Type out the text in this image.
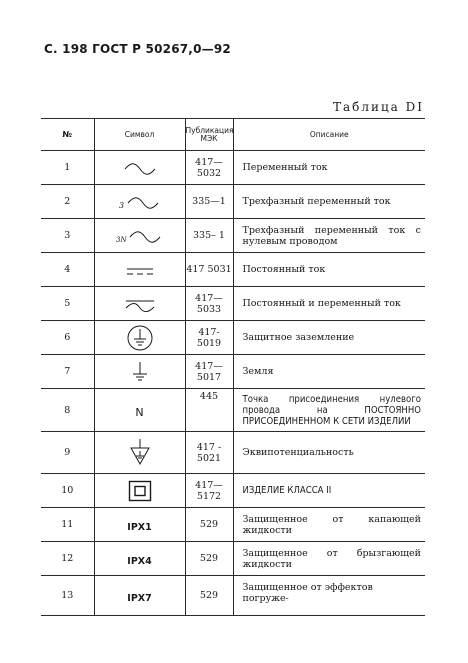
С. 198 ГОСТ Р 50267,0—92
Таблица DI
№	Символ	Публикация МЭК	Описание
1		417—5032	Переменный ток
2	3	335—1	Трехфазный переменный ток
3	3N	335– 1	Трехфазный переменный ток с нулевым проводом
4		417 5031	Постоянный ток
5		417—5033	Постоянный и переменный ток
6		417- 5019	Защитное заземление
7		417—5017	Земля
8	N	445	Точка присоединения нулевого провода на ПОСТОЯННО ПРИСОЕДИНЕННОМ К СЕТИ ИЗДЕЛИИ
9		417 - 5021	Эквипотенциальность
10		417—5172	ИЗДЕЛИЕ КЛАССА II
11	IPX1	529	Защищенное от капающей жидкости
12	IPX4	529	Защищенное от брызгающей жидкости
13	IPX7	529	Защищенное от эффектов погруже-
